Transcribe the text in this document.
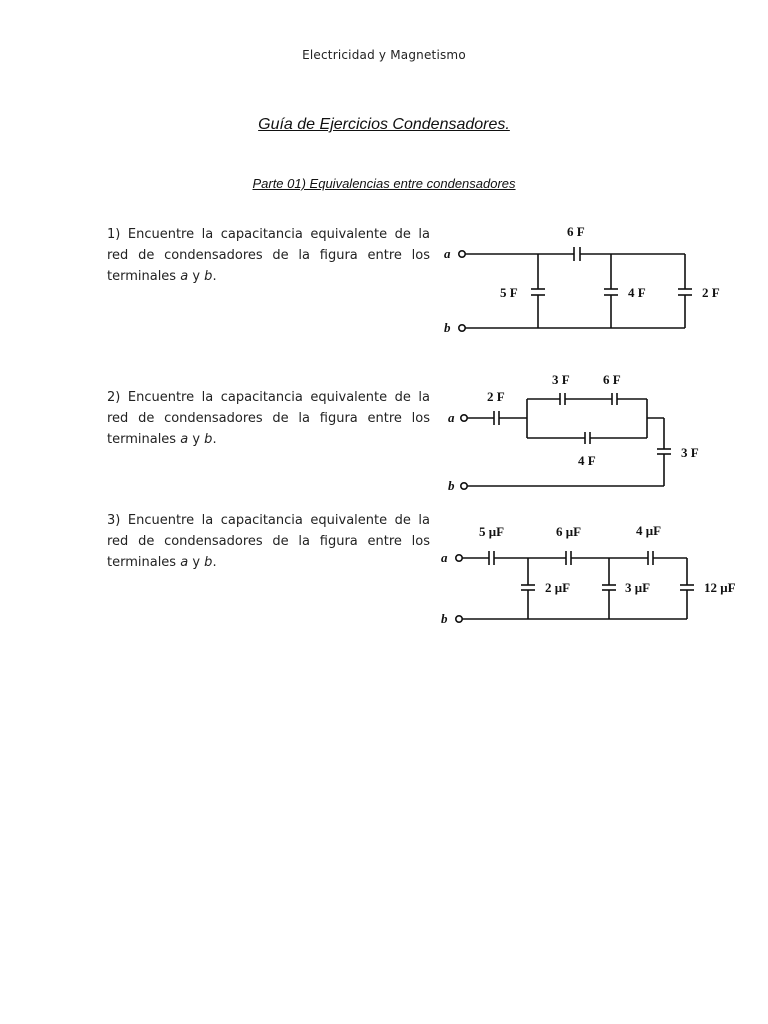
Electricidad y Magnetismo
Guía de Ejercicios Condensadores.
Parte 01) Equivalencias entre condensadores
1) Encuentre la capacitancia equivalente de la red de condensadores de la figura entre los terminales a y b.
a
b
6 F
5 F	4 F	2 F
2) Encuentre la capacitancia equivalente de la red de condensadores de la figura entre los terminales a y b.
a
b
2 F
3 F	6 F
4 F
3 F
3) Encuentre la capacitancia equivalente de la red de condensadores de la figura entre los terminales a y b.	a
b
5 μF	6 μF	4 μF
2 μF	3 μF	12 μF
